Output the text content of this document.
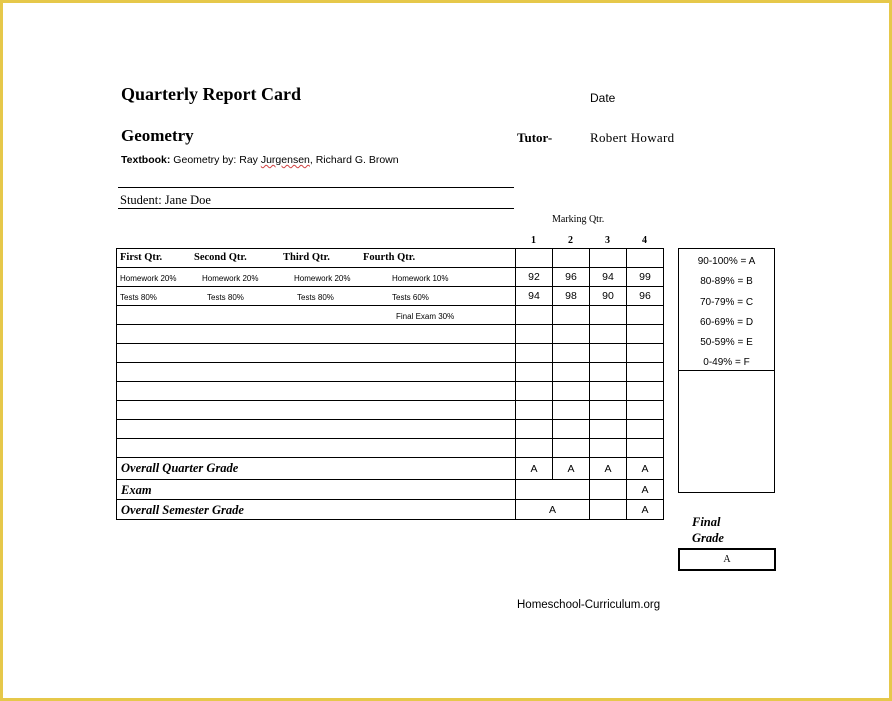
Quarterly Report Card	Date
Geometry	Tutor-	Robert Howard
Textbook: Geometry by: Ray Jurgensen, Richard G. Brown
Student: Jane Doe
Marking Qtr.
1	2	3	4
First Qtr. Second Qtr. Third Qtr. Fourth Qtr.				

Homework 20% Homework 20% Homework 20% Homework 10%	92	96	94	99

Tests 80% Tests 80% Tests 80% Tests 60%	94	98	90	96

Final Exam 30%				

Overall Quarter Grade	A	A	A	A

Exam				A

Overall Semester Grade	A			A
90-100% = A
80-89% = B
70-79% = C
60-69% = D
50-59% = E
0-49% = F
Final
Grade
A
Homeschool-Curriculum.org
